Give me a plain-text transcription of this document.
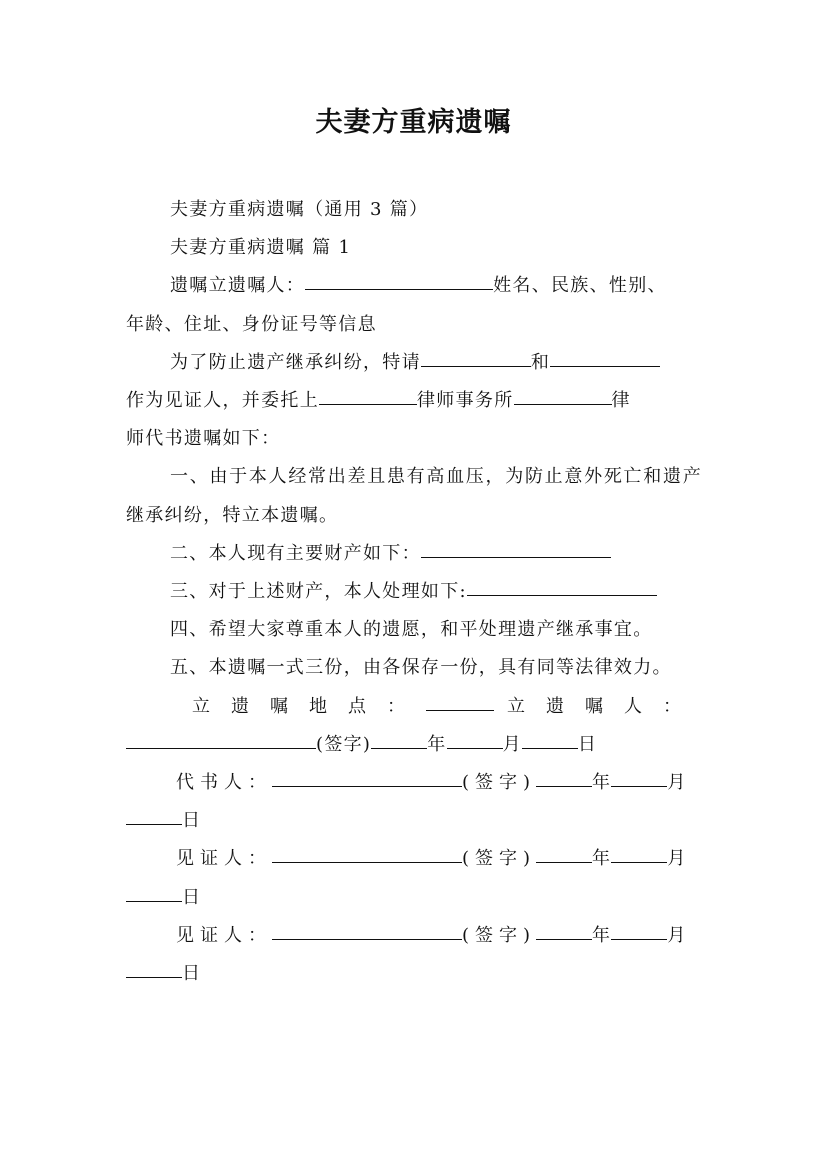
夫妻方重病遗嘱
夫妻方重病遗嘱（通用 3 篇）
夫妻方重病遗嘱 篇 1
遗嘱立遗嘱人：	姓名、民族、性别、
年龄、住址、身份证号等信息
为了防止遗产继承纠纷，特请	和
作为见证人，并委托上	律师事务所	律
师代书遗嘱如下：

一、由于本人经常出差且患有高血压，为防止意外死亡和遗产继承纠纷，特立本遗嘱。

二、本人现有主要财产如下：
三、对于上述财产，本人处理如下:

四、希望大家尊重本人的遗愿，和平处理遗产继承事宜。

五、本遗嘱一式三份，由各保存一份，具有同等法律效力。

立遗嘱地点：	立遗嘱人：
(签字)	年	月	日
代书人：	(签字)	年	月
日
见证人：	(签字)	年	月
日
见证人：	(签字)	年	月
日
